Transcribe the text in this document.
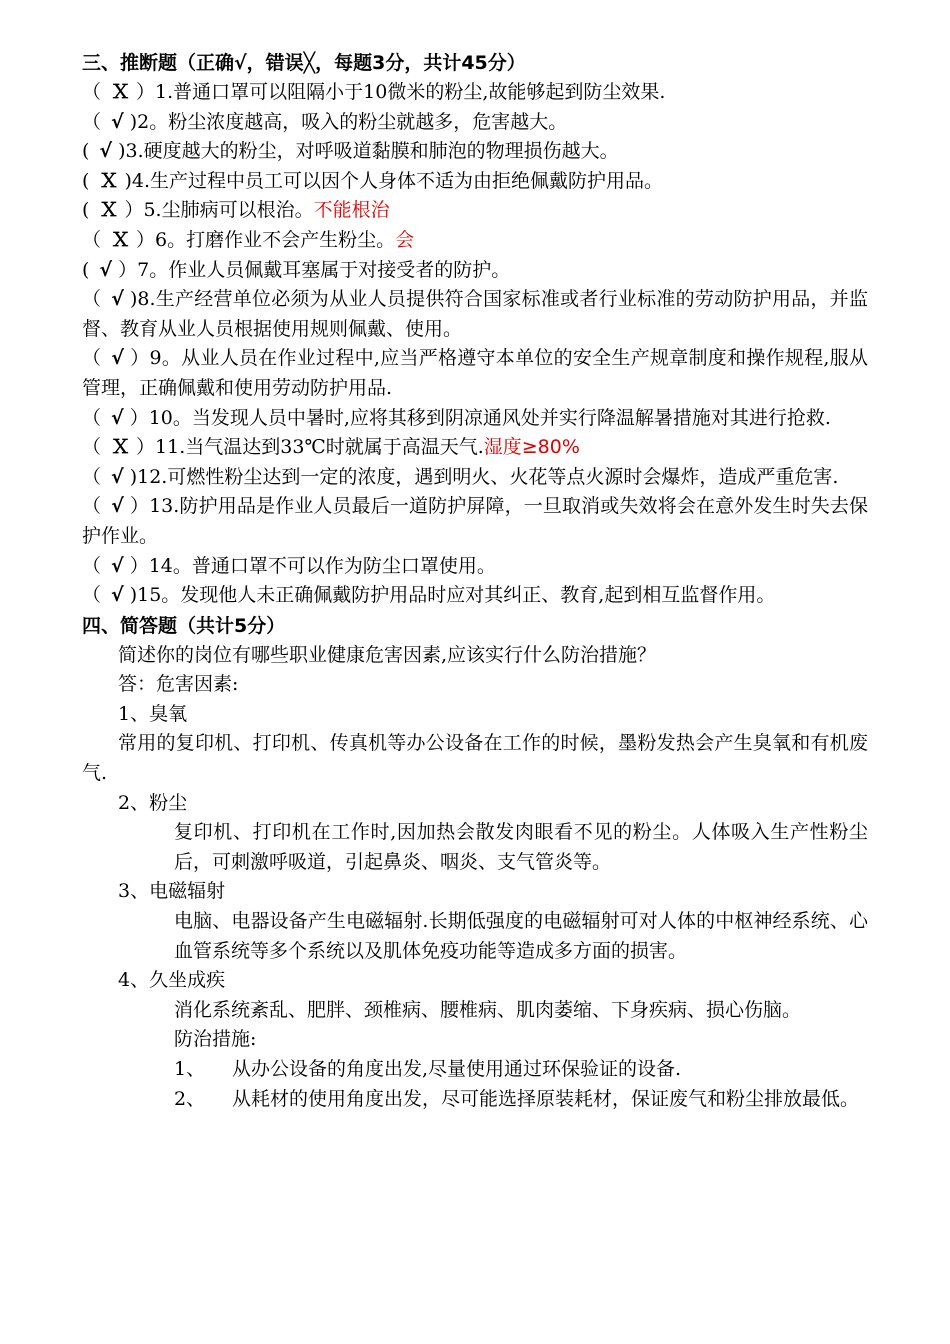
三、推断题（正确√，错误╳，每题3分，共计45分）
（ Ｘ ）1.普通口罩可以阻隔小于10微米的粉尘,故能够起到防尘效果.
（ √ )2。粉尘浓度越高，吸入的粉尘就越多，危害越大。
( √ )3.硬度越大的粉尘，对呼吸道黏膜和肺泡的物理损伤越大。
( Ｘ )4.生产过程中员工可以因个人身体不适为由拒绝佩戴防护用品。
( Ｘ ）5.尘肺病可以根治。不能根治
（ Ｘ ）6。打磨作业不会产生粉尘。会
( √ ）7。作业人员佩戴耳塞属于对接受者的防护。
（ √ )8.生产经营单位必须为从业人员提供符合国家标准或者行业标准的劳动防护用品，并监督、教育从业人员根据使用规则佩戴、使用。
（ √ ）9。从业人员在作业过程中,应当严格遵守本单位的安全生产规章制度和操作规程,服从管理，正确佩戴和使用劳动防护用品.
（ √ ）10。当发现人员中暑时,应将其移到阴凉通风处并实行降温解暑措施对其进行抢救.
（ Ｘ ）11.当气温达到33℃时就属于高温天气.湿度≥80%
（ √ )12.可燃性粉尘达到一定的浓度，遇到明火、火花等点火源时会爆炸，造成严重危害.
（ √ ）13.防护用品是作业人员最后一道防护屏障，一旦取消或失效将会在意外发生时失去保护作业。
（ √ ）14。普通口罩不可以作为防尘口罩使用。
（ √ )15。发现他人未正确佩戴防护用品时应对其纠正、教育,起到相互监督作用。
四、简答题（共计5分）
简述你的岗位有哪些职业健康危害因素,应该实行什么防治措施？
答：危害因素:
1、臭氧
常用的复印机、打印机、传真机等办公设备在工作的时候，墨粉发热会产生臭氧和有机废气.
2、粉尘
复印机、打印机在工作时,因加热会散发肉眼看不见的粉尘。人体吸入生产性粉尘后，可刺激呼吸道，引起鼻炎、咽炎、支气管炎等。
3、电磁辐射
电脑、电器设备产生电磁辐射.长期低强度的电磁辐射可对人体的中枢神经系统、心血管系统等多个系统以及肌体免疫功能等造成多方面的损害。
4、久坐成疾
消化系统紊乱、肥胖、颈椎病、腰椎病、肌肉萎缩、下身疾病、损心伤脑。
防治措施:
1、	从办公设备的角度出发,尽量使用通过环保验证的设备.
2、	从耗材的使用角度出发，尽可能选择原装耗材，保证废气和粉尘排放最低。
